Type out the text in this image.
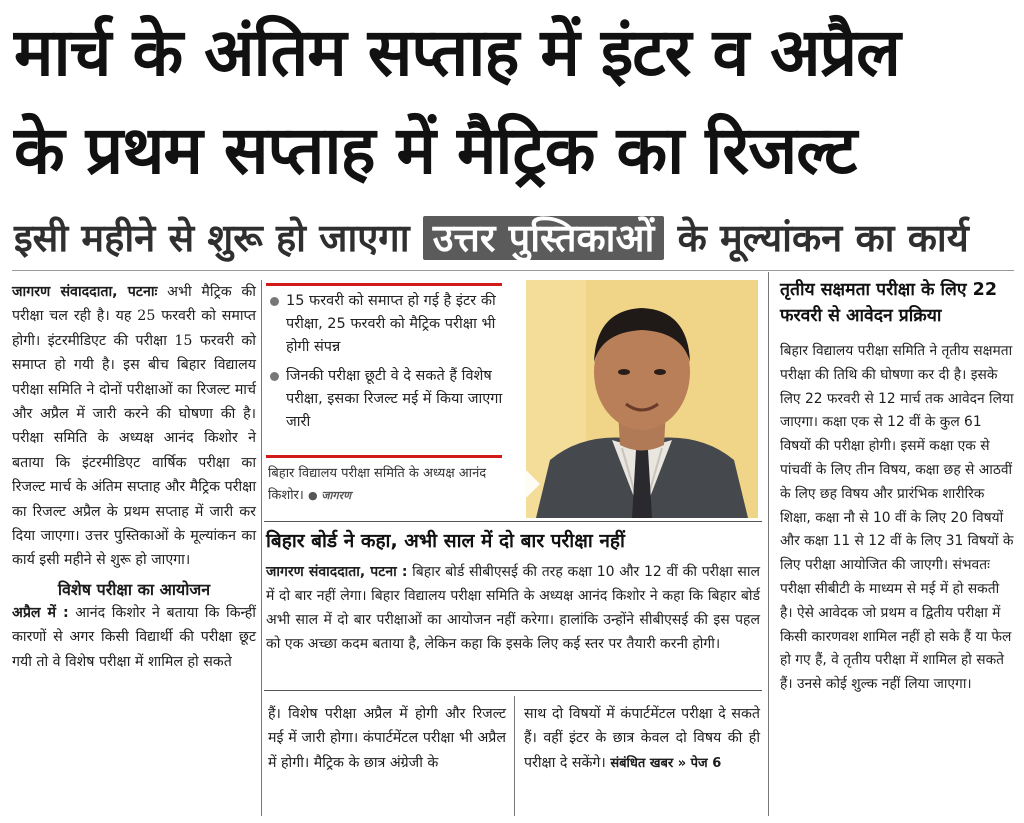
मार्च के अंतिम सप्ताह में इंटर व अप्रैल
के प्रथम सप्ताह में मैट्रिक का रिजल्ट
इसी महीने से शुरू हो जाएगा उत्तर पुस्तिकाओं के मूल्यांकन का कार्य

जागरण संवाददाता, पटनाः अभी मैट्रिक की परीक्षा चल रही है। यह 25 फरवरी को समाप्त होगी। इंटरमीडिएट की परीक्षा 15 फरवरी को समाप्त हो गयी है। इस बीच बिहार विद्यालय परीक्षा समिति ने दोनों परीक्षाओं का रिजल्ट मार्च और अप्रैल में जारी करने की घोषणा की है। परीक्षा समिति के अध्यक्ष आनंद किशोर ने बताया कि इंटरमीडिएट वार्षिक परीक्षा का रिजल्ट मार्च के अंतिम सप्ताह और मैट्रिक परीक्षा का रिजल्ट अप्रैल के प्रथम सप्ताह में जारी कर दिया जाएगा। उत्तर पुस्तिकाओं के मूल्यांकन का कार्य इसी महीने से शुरू हो जाएगा।

विशेष परीक्षा का आयोजन

अप्रैल में : आनंद किशोर ने बताया कि किन्हीं कारणों से अगर किसी विद्यार्थी की परीक्षा छूट गयी तो वे विशेष परीक्षा में शामिल हो सकते

15 फरवरी को समाप्त हो गई है इंटर की परीक्षा, 25 फरवरी को मैट्रिक परीक्षा भी होगी संपन्न
जिनकी परीक्षा छूटी वे दे सकते हैं विशेष परीक्षा, इसका रिजल्ट मई में किया जाएगा जारी
बिहार विद्यालय परीक्षा समिति के अध्यक्ष आनंद किशोर। ● जागरण
बिहार बोर्ड ने कहा, अभी साल में दो बार परीक्षा नहीं
जागरण संवाददाता, पटना : बिहार बोर्ड सीबीएसई की तरह कक्षा 10 और 12 वीं की परीक्षा साल में दो बार नहीं लेगा। बिहार विद्यालय परीक्षा समिति के अध्यक्ष आनंद किशोर ने कहा कि बिहार बोर्ड अभी साल में दो बार परीक्षाओं का आयोजन नहीं करेगा। हालांकि उन्होंने सीबीएसई की इस पहल को एक अच्छा कदम बताया है, लेकिन कहा कि इसके लिए कई स्तर पर तैयारी करनी होगी।
हैं। विशेष परीक्षा अप्रैल में होगी और रिजल्ट मई में जारी होगा। कंपार्टमेंटल परीक्षा भी अप्रैल में होगी। मैट्रिक के छात्र अंग्रेजी के
साथ दो विषयों में कंपार्टमेंटल परीक्षा दे सकते हैं। वहीं इंटर के छात्र केवल दो विषय की ही परीक्षा दे सकेंगे। संबंधित खबर » पेज 6
तृतीय सक्षमता परीक्षा के लिए 22 फरवरी से आवेदन प्रक्रिया
बिहार विद्यालय परीक्षा समिति ने तृतीय सक्षमता परीक्षा की तिथि की घोषणा कर दी है। इसके लिए 22 फरवरी से 12 मार्च तक आवेदन लिया जाएगा। कक्षा एक से 12 वीं के कुल 61 विषयों की परीक्षा होगी। इसमें कक्षा एक से पांचवीं के लिए तीन विषय, कक्षा छह से आठवीं के लिए छह विषय और प्रारंभिक शारीरिक शिक्षा, कक्षा नौ से 10 वीं के लिए 20 विषयों और कक्षा 11 से 12 वीं के लिए 31 विषयों के लिए परीक्षा आयोजित की जाएगी। संभवतः परीक्षा सीबीटी के माध्यम से मई में हो सकती है। ऐसे आवेदक जो प्रथम व द्वितीय परीक्षा में किसी कारणवश शामिल नहीं हो सके हैं या फेल हो गए हैं, वे तृतीय परीक्षा में शामिल हो सकते हैं। उनसे कोई शुल्क नहीं लिया जाएगा।
